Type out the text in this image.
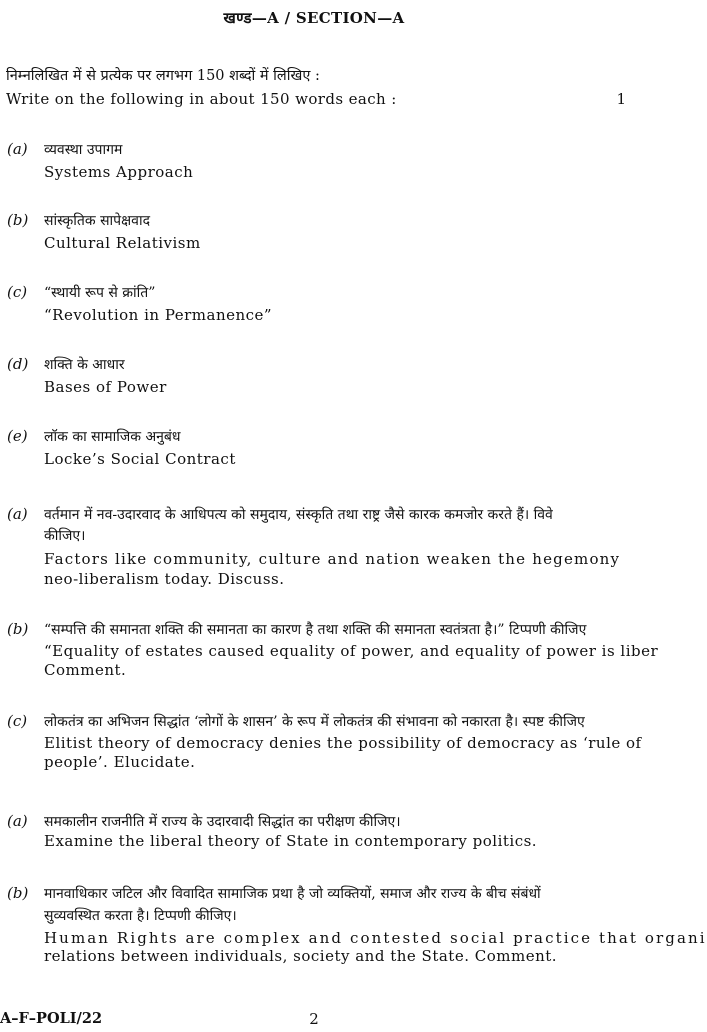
खण्ड—A / SECTION—A
निम्नलिखित में से प्रत्येक पर लगभग 150 शब्दों में लिखिए :
Write on the following in about 150 words each :	1
(a) व्यवस्था उपागम
Systems Approach
(b) सांस्कृतिक सापेक्षवाद
Cultural Relativism
(c) “स्थायी रूप से क्रांति”
“Revolution in Permanence”
(d) शक्ति के आधार
Bases of Power
(e) लॉक का सामाजिक अनुबंध
Locke’s Social Contract
(a) वर्तमान में नव-उदारवाद के आधिपत्य को समुदाय, संस्कृति तथा राष्ट्र जैसे कारक कमजोर करते हैं। विवे
कीजिए।
Factors like community, culture and nation weaken the hegemony
neo-liberalism today. Discuss.
(b) “सम्पत्ति की समानता शक्ति की समानता का कारण है तथा शक्ति की समानता स्वतंत्रता है।” टिप्पणी कीजिए
“Equality of estates caused equality of power, and equality of power is liber
Comment.
(c) लोकतंत्र का अभिजन सिद्धांत ‘लोगों के शासन’ के रूप में लोकतंत्र की संभावना को नकारता है। स्पष्ट कीजिए
Elitist theory of democracy denies the possibility of democracy as ‘rule of
people’. Elucidate.
(a) समकालीन राजनीति में राज्य के उदारवादी सिद्धांत का परीक्षण कीजिए।
Examine the liberal theory of State in contemporary politics.
(b) मानवाधिकार जटिल और विवादित सामाजिक प्रथा है जो व्यक्तियों, समाज और राज्य के बीच संबंधों
सुव्यवस्थित करता है। टिप्पणी कीजिए।
Human Rights are complex and contested social practice that organi
relations between individuals, society and the State. Comment.
A–F–POLI/22	2
